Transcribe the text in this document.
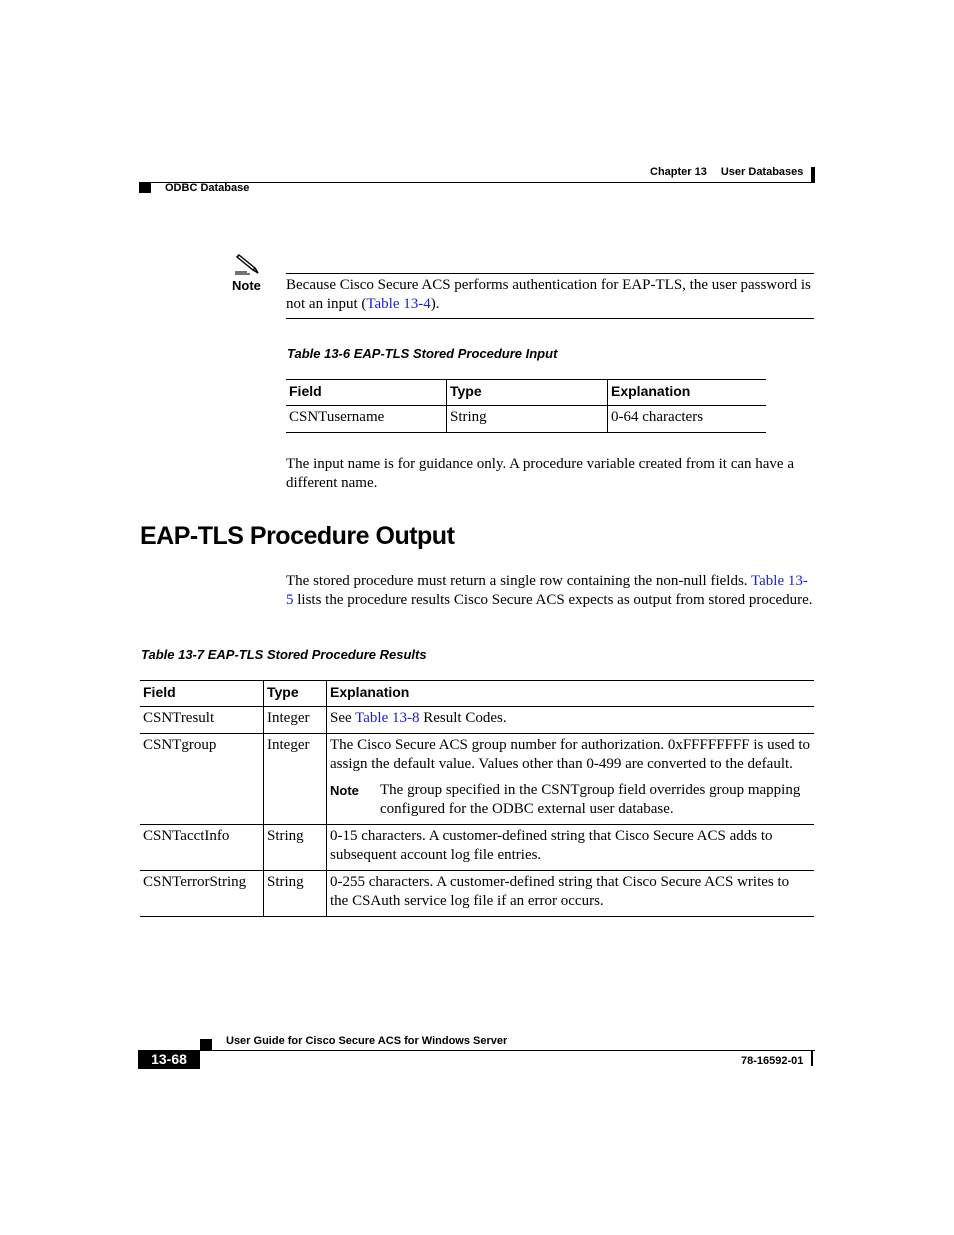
Chapter 13 User Databases
ODBC Database
Note Because Cisco Secure ACS performs authentication for EAP-TLS, the user password is not an input (Table 13-4).
Table 13-6 EAP-TLS Stored Procedure Input
Field	Type	Explanation
CSNTusername	String	0-64 characters
The input name is for guidance only. A procedure variable created from it can have a different name.
EAP-TLS Procedure Output
The stored procedure must return a single row containing the non-null fields. Table 13-5 lists the procedure results Cisco Secure ACS expects as output from stored procedure.
Table 13-7 EAP-TLS Stored Procedure Results
Field	Type	Explanation
CSNTresult	Integer	See Table 13-8 Result Codes.
CSNTgroup	Integer	The Cisco Secure ACS group number for authorization. 0xFFFFFFFF is used to assign the default value. Values other than 0-499 are converted to the default.
Note The group specified in the CSNTgroup field overrides group mapping configured for the ODBC external user database.

CSNTacctInfo	String	0-15 characters. A customer-defined string that Cisco Secure ACS adds to subsequent account log file entries.
CSNTerrorString	String	0-255 characters. A customer-defined string that Cisco Secure ACS writes to the CSAuth service log file if an error occurs.
User Guide for Cisco Secure ACS for Windows Server
13-68	78-16592-01
